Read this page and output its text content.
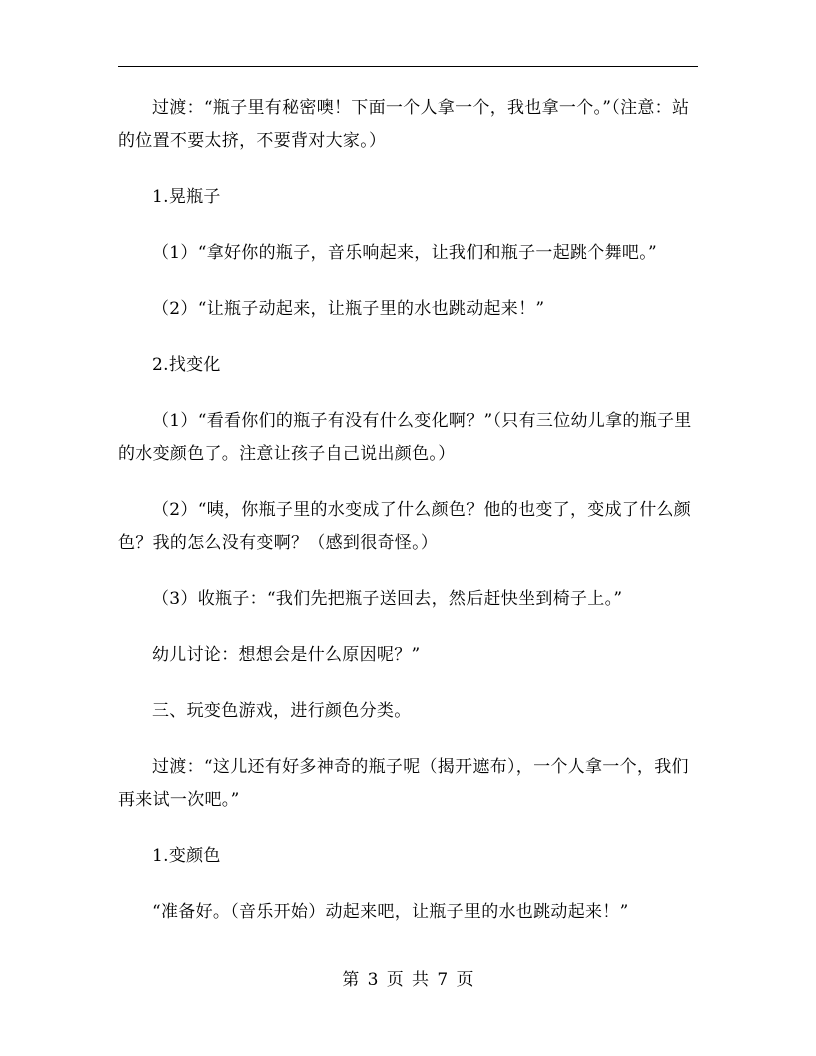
过渡：“瓶子里有秘密噢！下面一个人拿一个，我也拿一个。”（注意：站的位置不要太挤，不要背对大家。）

1.晃瓶子

（1）“拿好你的瓶子，音乐响起来，让我们和瓶子一起跳个舞吧。”

（2）“让瓶子动起来，让瓶子里的水也跳动起来！”

2.找变化

（1）“看看你们的瓶子有没有什么变化啊？”（只有三位幼儿拿的瓶子里的水变颜色了。注意让孩子自己说出颜色。）

（2）“咦，你瓶子里的水变成了什么颜色？他的也变了，变成了什么颜色？我的怎么没有变啊？（感到很奇怪。）

（3）收瓶子：“我们先把瓶子送回去，然后赶快坐到椅子上。”

幼儿讨论：想想会是什么原因呢？”

三、玩变色游戏，进行颜色分类。

过渡：“这儿还有好多神奇的瓶子呢（揭开遮布），一个人拿一个，我们再来试一次吧。”

1.变颜色

“准备好。（音乐开始）动起来吧，让瓶子里的水也跳动起来！”

第 3 页 共 7 页
